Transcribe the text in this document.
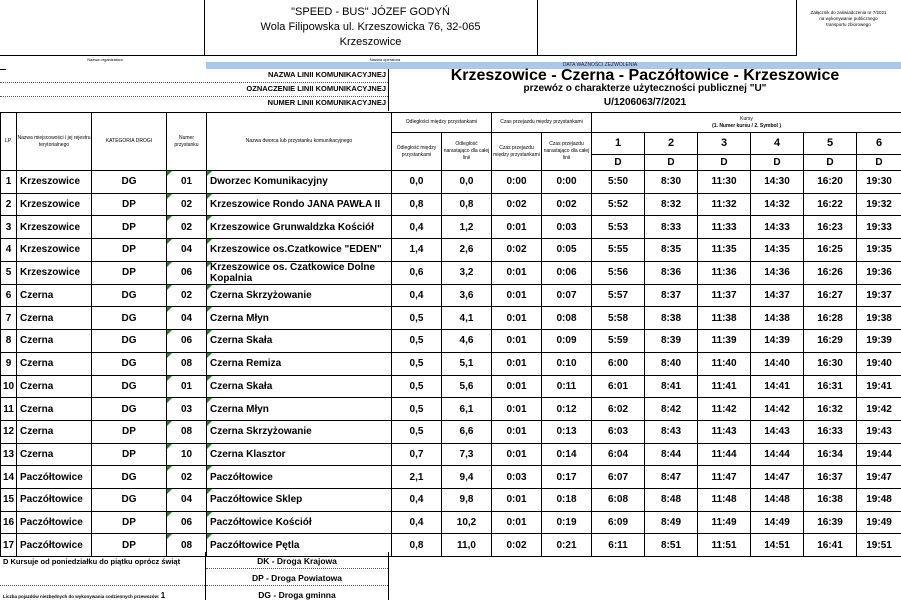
"SPEED - BUS" JÓZEF GODYŃ
Wola Filipowska ul. Krzeszowicka 76, 32-065
Krzeszowice
Załącznik do zaświadczenia nr 7/2021
na wykonywanie publicznego
transportu zbiorowego
Nazwa organizatora	Nazwa operatora
DATA WAŻNOŚCI ZEZWOLENIA
NAZWA LINII KOMUNIKACYJNEJ	Krzeszowice - Czerna - Paczółtowice - Krzeszowice
OZNACZENIE LINII KOMUNIKACYJNEJ	przewóz o charakterze użyteczności publicznej "U"
NUMER LINII KOMUNIKACYJNEJ	U/1206063/7/2021
LP.	Nazwa miejscowości i jej rejestru terytorialnego	KATEGORIA DROGI	Numer przystanku	Nazwa dworca lub przystanku komunikacyjnego	Odległości między przystankami		Czas przejazdu między przystankami		Kursy
(1. Numer kursu / 2. Symbol )					

					Odległość między przystankami	Odległość narastająco dla całej linii	Czas przejazdu między przystankami	Czas przejazdu narastająco dla całej linii	1	2	3	4	5	6
									D	D	D	D	D	D
1	Krzeszowice	DG	01	Dworzec Komunikacyjny	0,0	0,0	0:00	0:00	5:50	8:30	11:30	14:30	16:20	19:30
2	Krzeszowice	DP	02	Krzeszowice Rondo JANA PAWŁA II	0,8	0,8	0:02	0:02	5:52	8:32	11:32	14:32	16:22	19:32
3	Krzeszowice	DP	02	Krzeszowice Grunwaldzka Kościół	0,4	1,2	0:01	0:03	5:53	8:33	11:33	14:33	16:23	19:33
4	Krzeszowice	DP	04	Krzeszowice os.Czatkowice "EDEN"	1,4	2,6	0:02	0:05	5:55	8:35	11:35	14:35	16:25	19:35
5	Krzeszowice	DP	06	Krzeszowice os. Czatkowice Dolne Kopalnia	0,6	3,2	0:01	0:06	5:56	8:36	11:36	14:36	16:26	19:36
6	Czerna	DG	02	Czerna Skrzyżowanie	0,4	3,6	0:01	0:07	5:57	8:37	11:37	14:37	16:27	19:37
7	Czerna	DG	04	Czerna Młyn	0,5	4,1	0:01	0:08	5:58	8:38	11:38	14:38	16:28	19:38
8	Czerna	DG	06	Czerna Skała	0,5	4,6	0:01	0:09	5:59	8:39	11:39	14:39	16:29	19:39
9	Czerna	DG	08	Czerna Remiza	0,5	5,1	0:01	0:10	6:00	8:40	11:40	14:40	16:30	19:40
10	Czerna	DG	01	Czerna Skała	0,5	5,6	0:01	0:11	6:01	8:41	11:41	14:41	16:31	19:41
11	Czerna	DG	03	Czerna Młyn	0,5	6,1	0:01	0:12	6:02	8:42	11:42	14:42	16:32	19:42
12	Czerna	DP	08	Czerna Skrzyżowanie	0,5	6,6	0:01	0:13	6:03	8:43	11:43	14:43	16:33	19:43
13	Czerna	DP	10	Czerna Klasztor	0,7	7,3	0:01	0:14	6:04	8:44	11:44	14:44	16:34	19:44
14	Paczółtowice	DG	02	Paczółtowice	2,1	9,4	0:03	0:17	6:07	8:47	11:47	14:47	16:37	19:47
15	Paczółtowice	DG	04	Paczółtowice Sklep	0,4	9,8	0:01	0:18	6:08	8:48	11:48	14:48	16:38	19:48
16	Paczółtowice	DP	06	Paczółtowice Kościół	0,4	10,2	0:01	0:19	6:09	8:49	11:49	14:49	16:39	19:49
17	Paczółtowice	DP	08	Paczółtowice Pętla	0,8	11,0	0:02	0:21	6:11	8:51	11:51	14:51	16:41	19:51
D Kursuje od poniedziałku do piątku oprócz świąt	DK - Droga Krajowa
DP - Droga Powiatowa
DG - Droga gminna
Liczba pojazdów niezbędnych do wykonywania codziennych przewozów: 1
